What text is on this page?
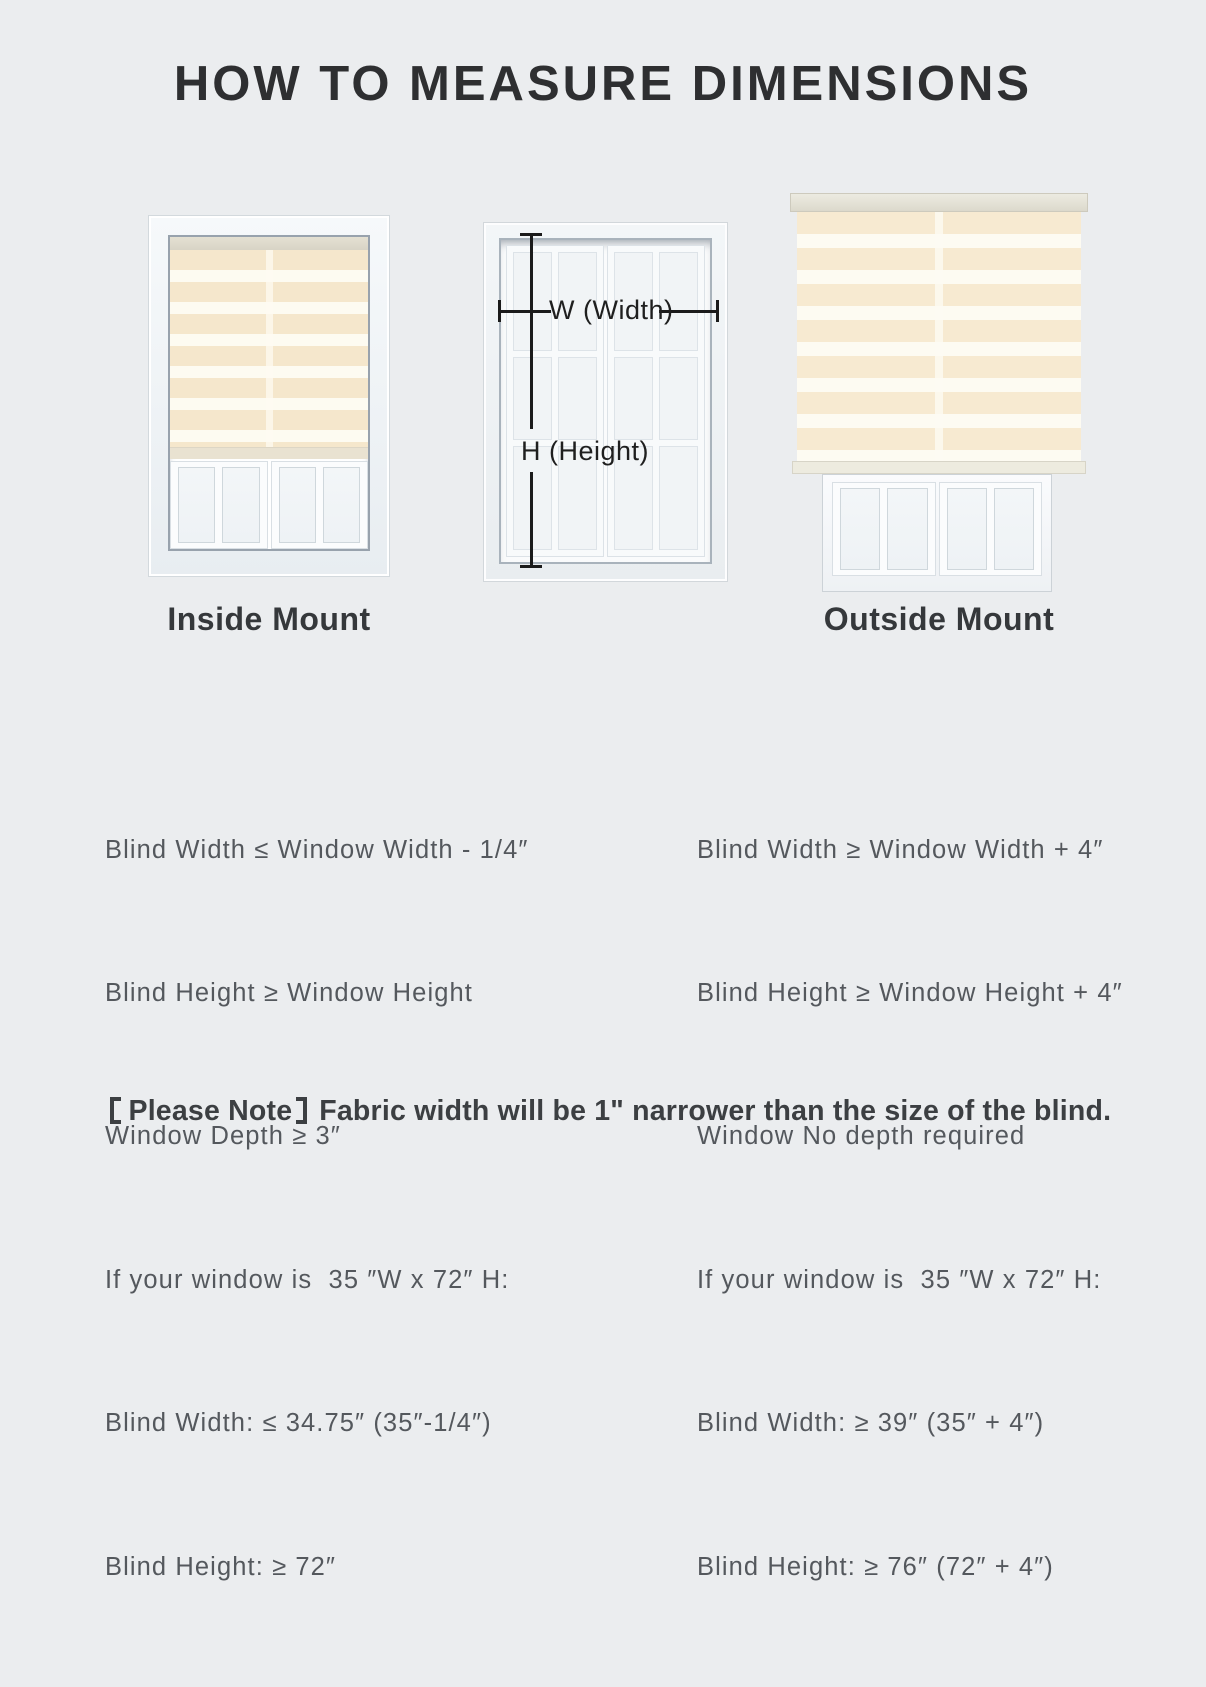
HOW TO MEASURE DIMENSIONS
W (Width)
H (Height)
Inside Mount	Outside Mount

Blind Width ≤ Window Width - 1/4″

Blind Height ≥ Window Height

Window Depth ≥ 3″

If your window is  35 ″W x 72″ H:

Blind Width: ≤ 34.75″ (35″-1/4″)

Blind Height: ≥ 72″

Blind Width ≥ Window Width + 4″

Blind Height ≥ Window Height + 4″

Window No depth required

If your window is  35 ″W x 72″ H:

Blind Width: ≥ 39″ (35″ + 4″)

Blind Height: ≥ 76″ (72″ + 4″)

Please Note Fabric width will be 1" narrower than the size of the blind.
